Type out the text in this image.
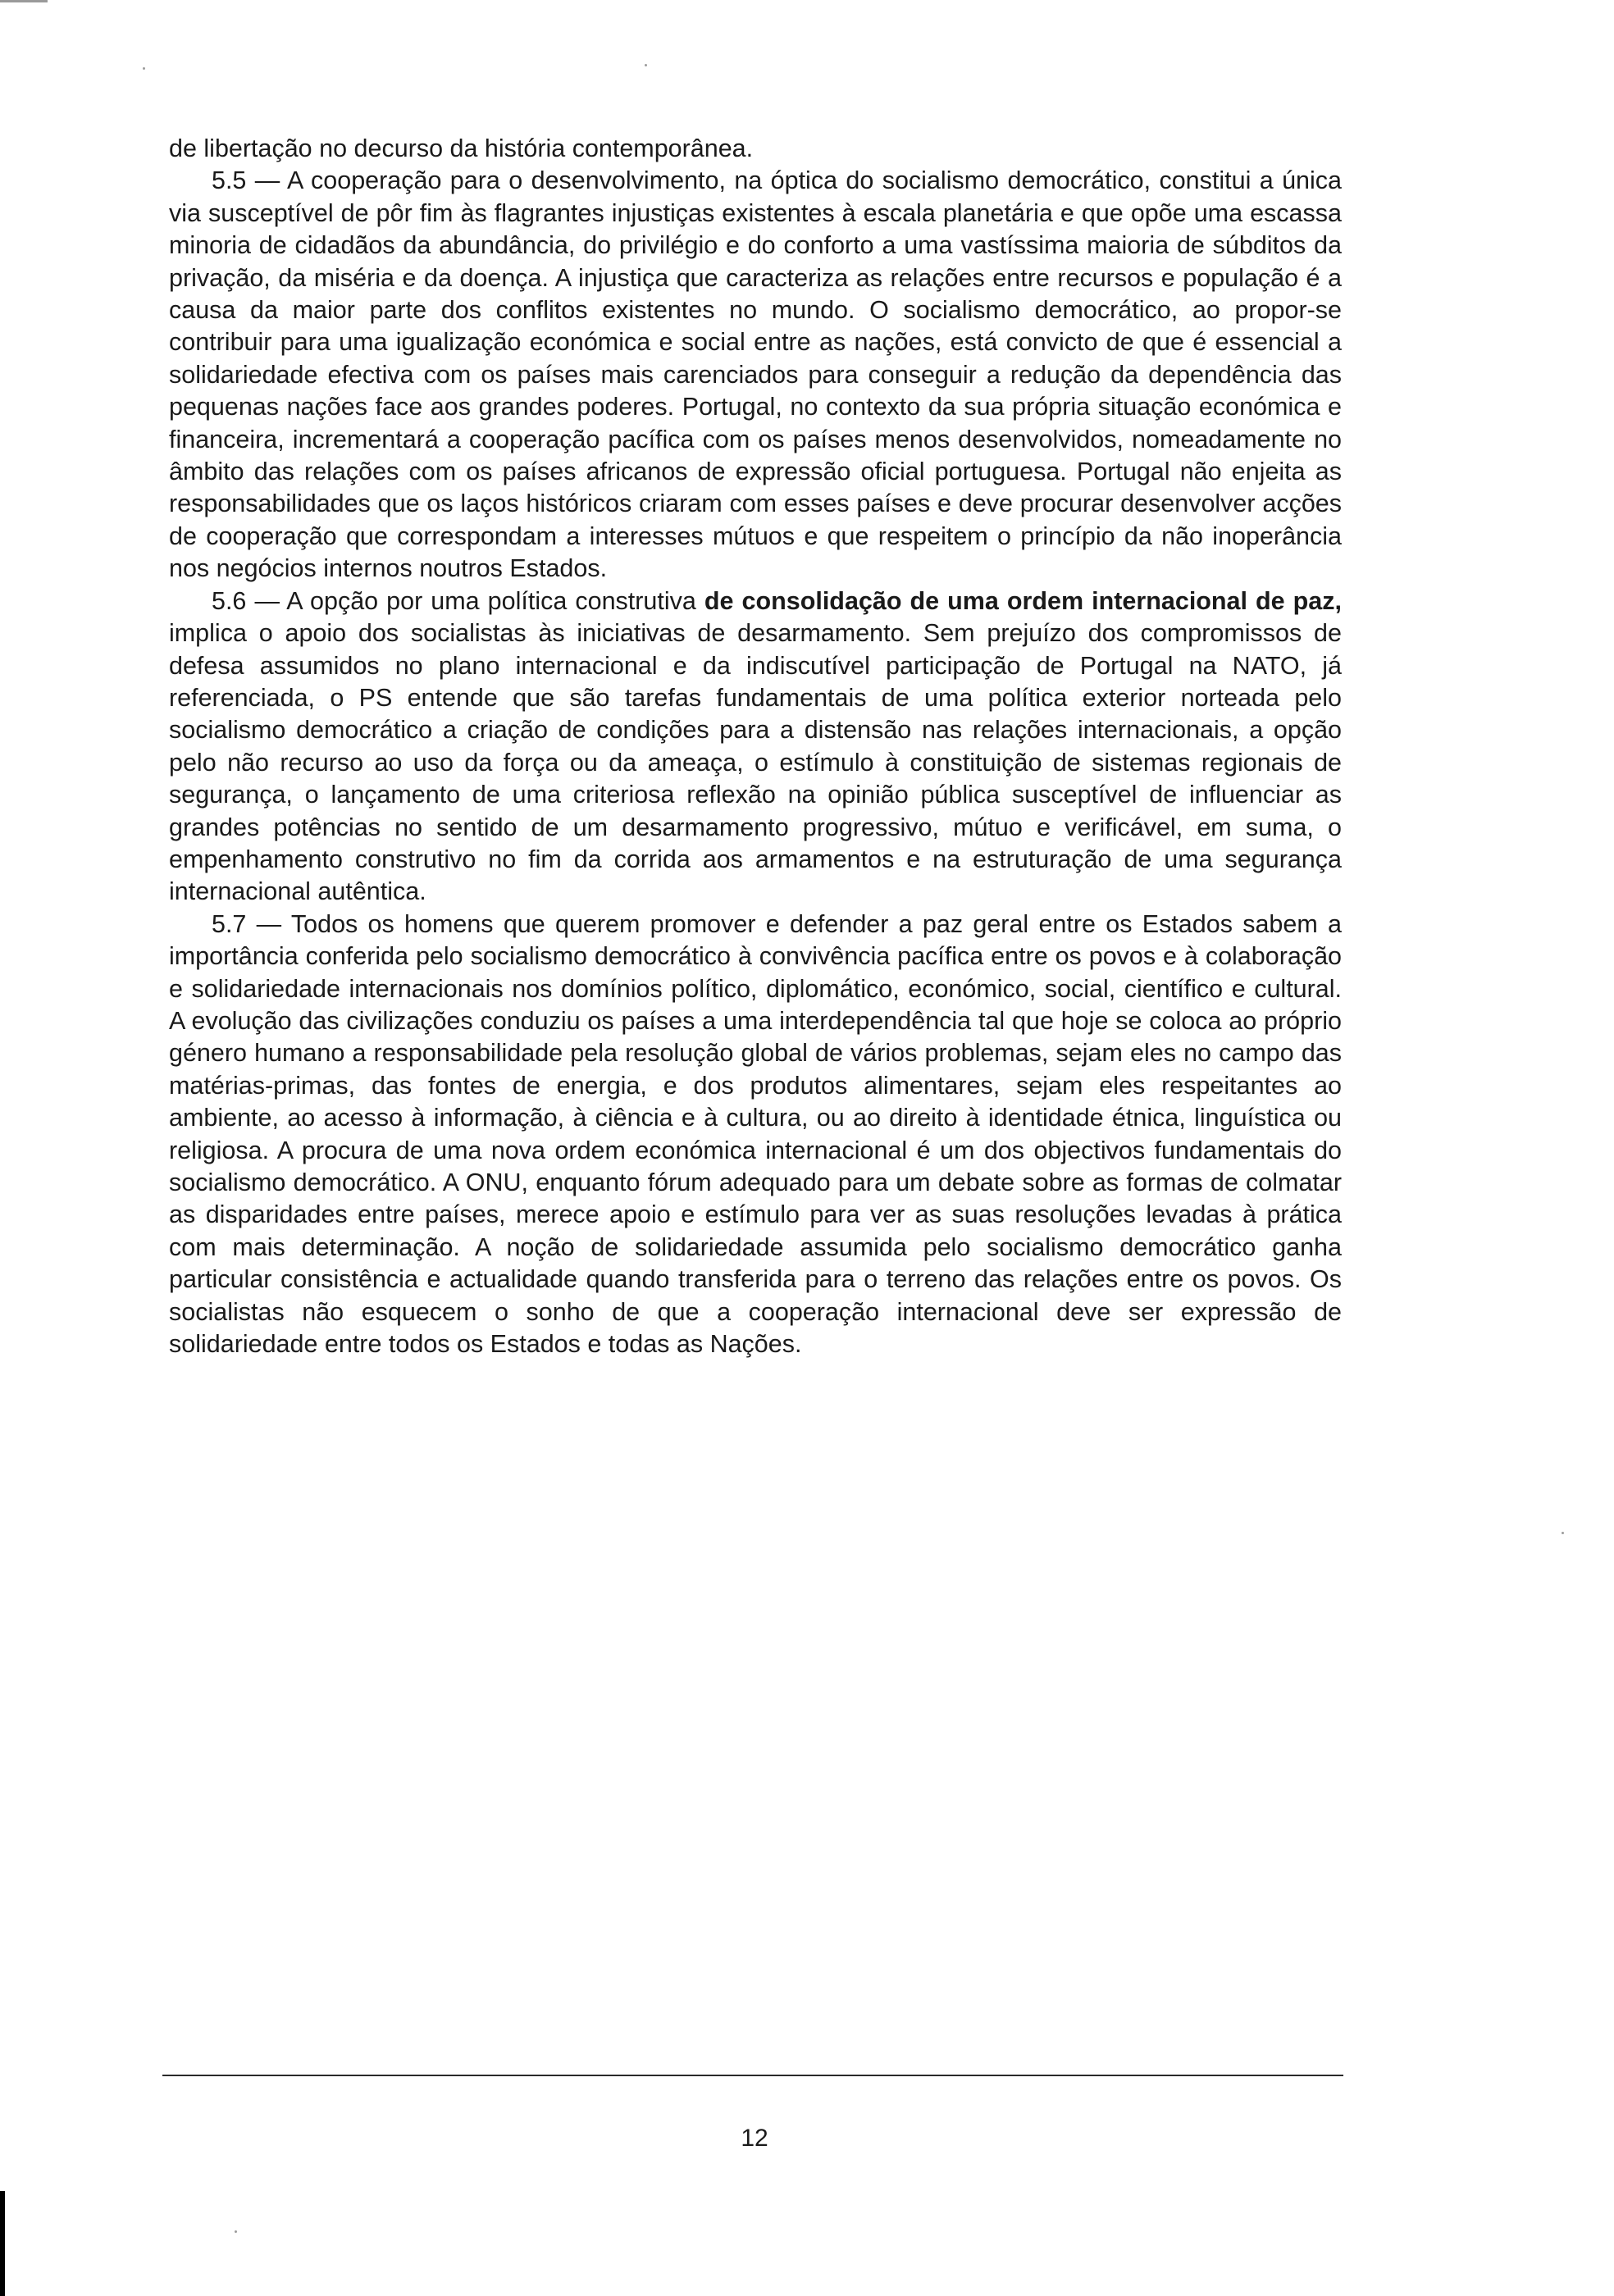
de libertação no decurso da história contemporânea.

5.5 — A cooperação para o desenvolvimento, na óptica do socialismo democrático, constitui a única via susceptível de pôr fim às flagrantes injustiças existentes à escala planetária e que opõe uma escassa minoria de cidadãos da abundância, do privilégio e do conforto a uma vastíssima maioria de súbditos da privação, da miséria e da doença. A injustiça que caracteriza as relações entre recursos e população é a causa da maior parte dos conflitos existentes no mundo. O socialismo democrático, ao propor-se contribuir para uma igualização económica e social entre as nações, está convicto de que é essencial a solidariedade efectiva com os países mais carenciados para conseguir a redução da dependência das pequenas nações face aos grandes poderes. Portugal, no contexto da sua própria situação económica e financeira, incrementará a cooperação pacífica com os países menos desenvolvidos, nomeadamente no âmbito das relações com os países africanos de expressão oficial portuguesa. Portugal não enjeita as responsabilidades que os laços históricos criaram com esses países e deve procurar desenvolver acções de cooperação que correspondam a interesses mútuos e que respeitem o princípio da não inoperância nos negócios internos noutros Estados.

5.6 — A opção por uma política construtiva de consolidação de uma ordem internacional de paz, implica o apoio dos socialistas às iniciativas de desarmamento. Sem prejuízo dos compromissos de defesa assumidos no plano internacional e da indiscutível participação de Portugal na NATO, já referenciada, o PS entende que são tarefas fundamentais de uma política exterior norteada pelo socialismo democrático a criação de condições para a distensão nas relações internacionais, a opção pelo não recurso ao uso da força ou da ameaça, o estímulo à constituição de sistemas regionais de segurança, o lançamento de uma criteriosa reflexão na opinião pública susceptível de influenciar as grandes potências no sentido de um desarmamento progressivo, mútuo e verificável, em suma, o empenhamento construtivo no fim da corrida aos armamentos e na estruturação de uma segurança internacional autêntica.

5.7 — Todos os homens que querem promover e defender a paz geral entre os Estados sabem a importância conferida pelo socialismo democrático à convivência pacífica entre os povos e à colaboração e solidariedade internacionais nos domínios político, diplomático, económico, social, científico e cultural. A evolução das civilizações conduziu os países a uma interdependência tal que hoje se coloca ao próprio género humano a responsabilidade pela resolução global de vários problemas, sejam eles no campo das matérias-primas, das fontes de energia, e dos produtos alimentares, sejam eles respeitantes ao ambiente, ao acesso à informação, à ciência e à cultura, ou ao direito à identidade étnica, linguística ou religiosa. A procura de uma nova ordem económica internacional é um dos objectivos fundamentais do socialismo democrático. A ONU, enquanto fórum adequado para um debate sobre as formas de colmatar as disparidades entre países, merece apoio e estímulo para ver as suas resoluções levadas à prática com mais determinação. A noção de solidariedade assumida pelo socialismo democrático ganha particular consistência e actualidade quando transferida para o terreno das relações entre os povos. Os socialistas não esquecem o sonho de que a cooperação internacional deve ser expressão de solidariedade entre todos os Estados e todas as Nações.

12
